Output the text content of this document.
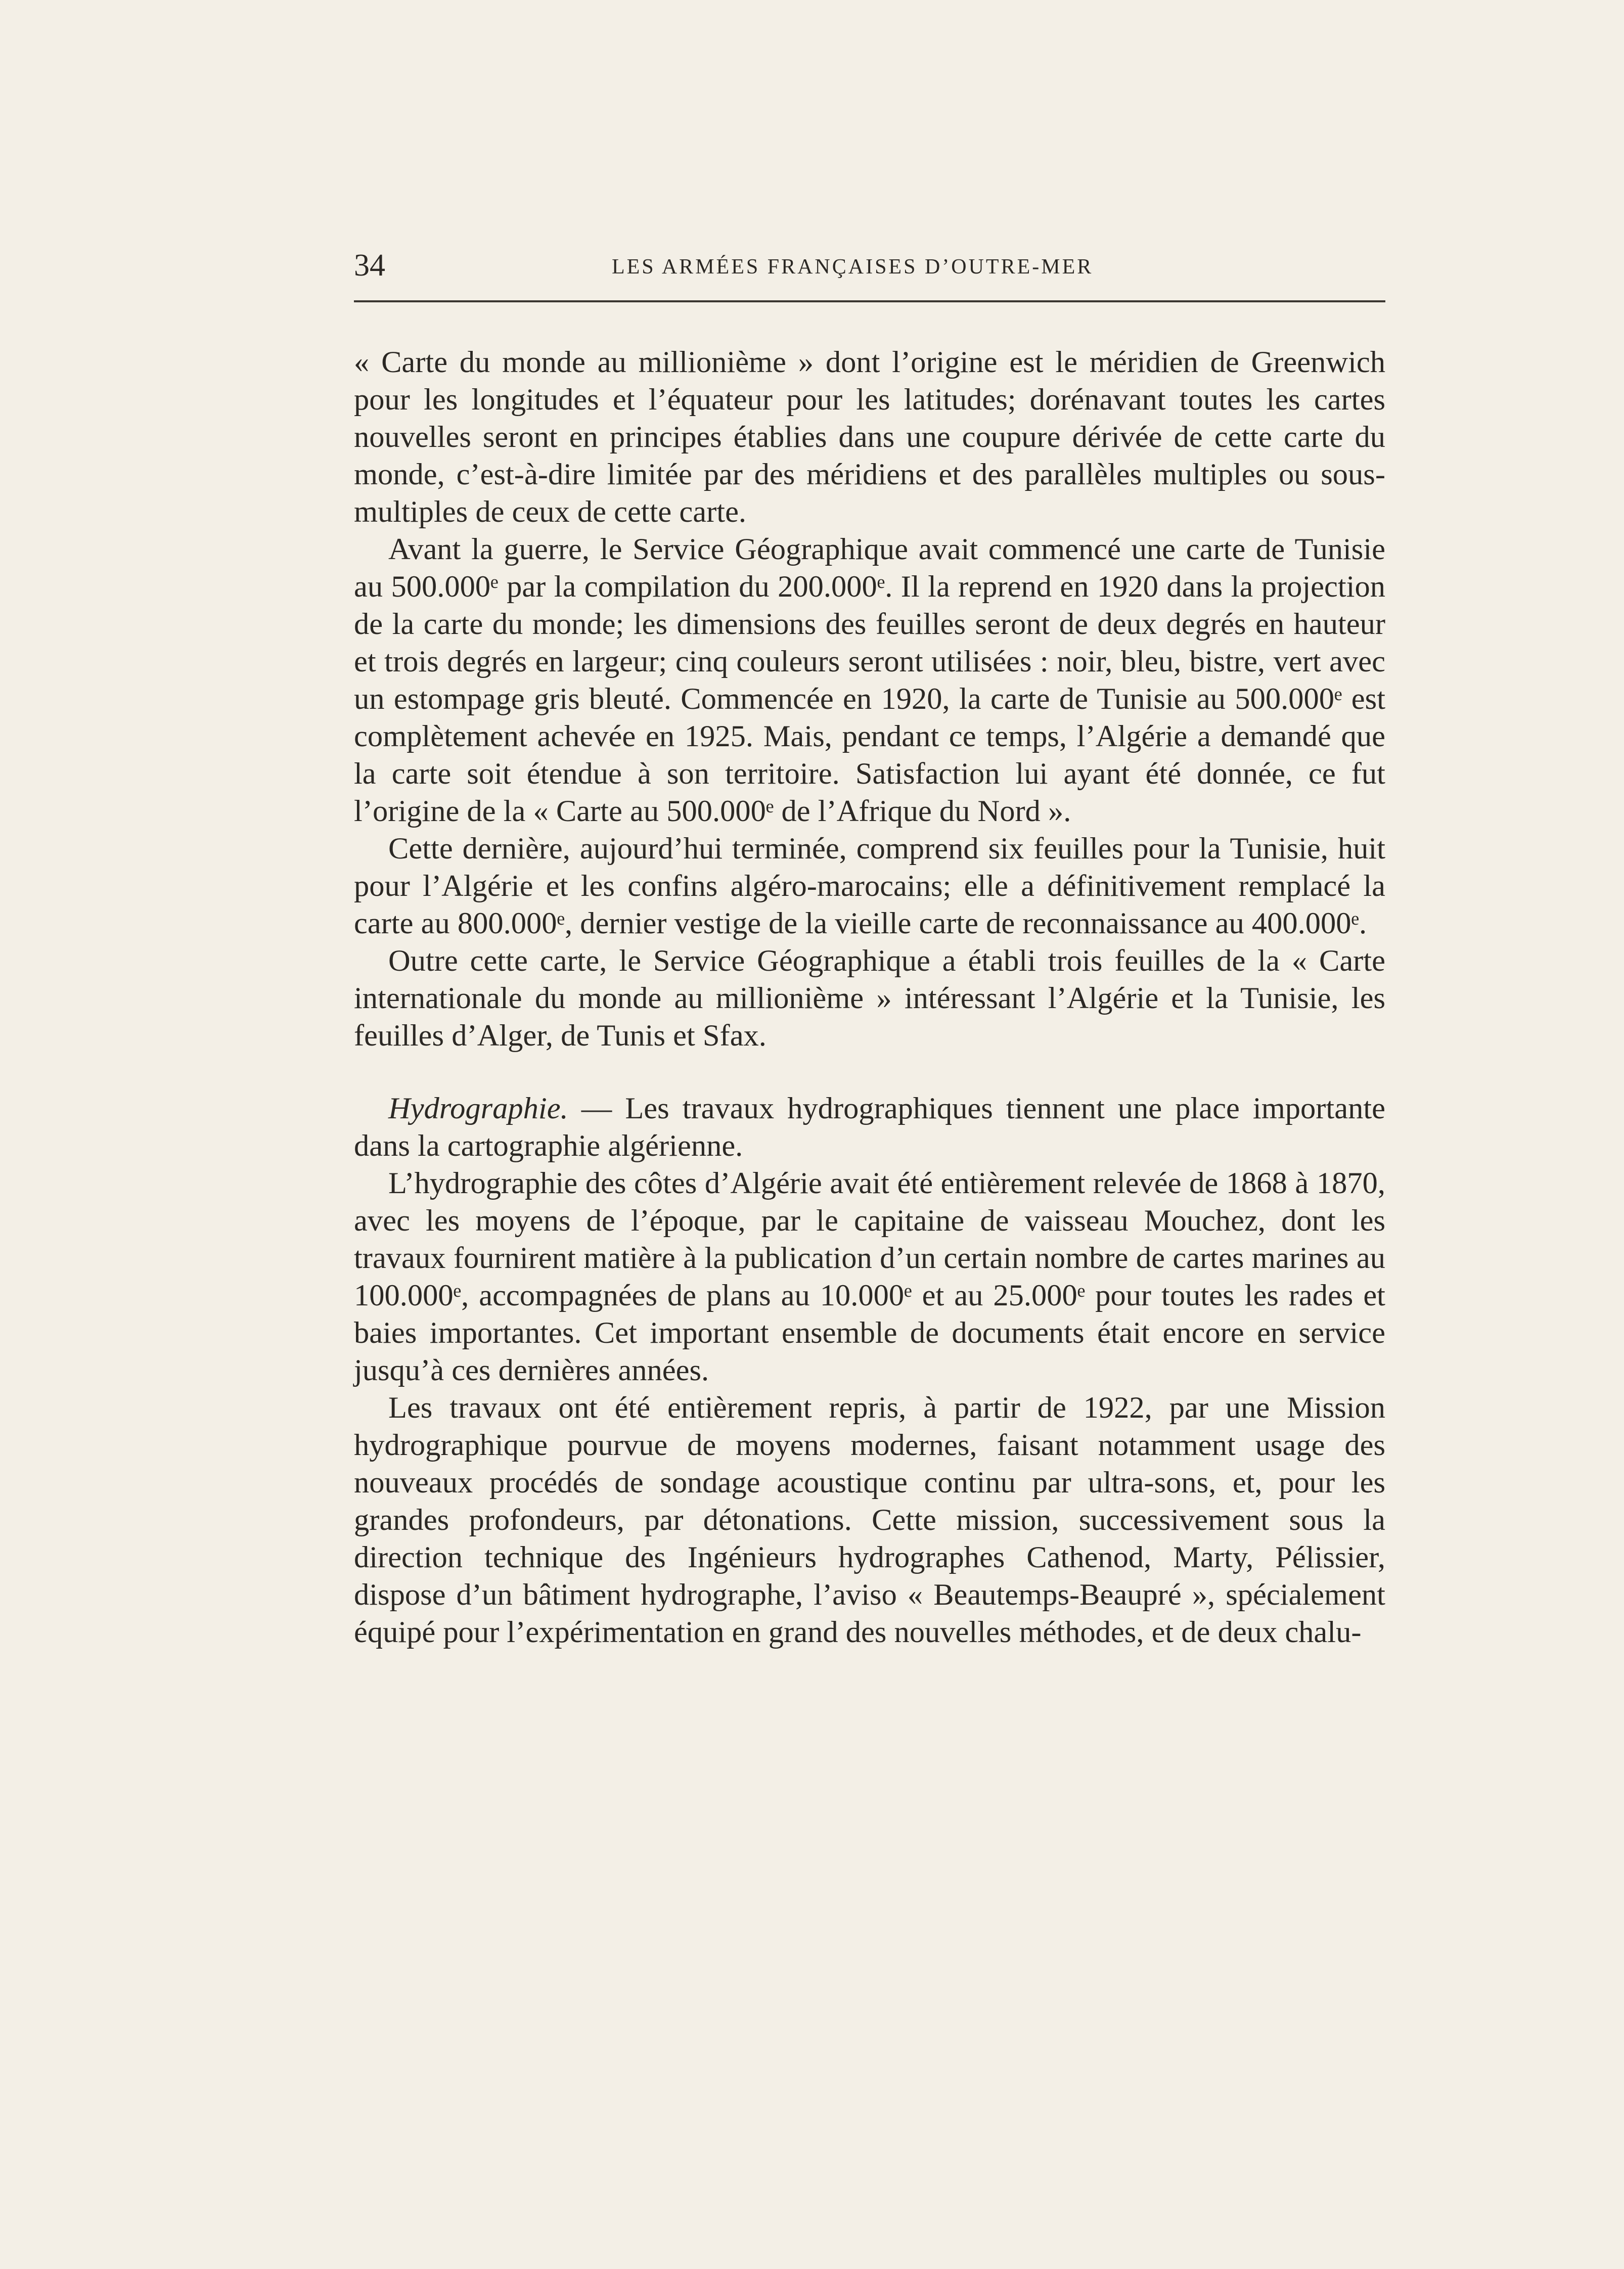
34	LES ARMÉES FRANÇAISES D’OUTRE-MER

« Carte du monde au millionième » dont l’origine est le méridien de Greenwich pour les longitudes et l’équateur pour les latitudes; dorénavant toutes les cartes nouvelles seront en principes établies dans une coupure dérivée de cette carte du monde, c’est-à-dire limitée par des méridiens et des parallèles multiples ou sous-multiples de ceux de cette carte.

Avant la guerre, le Service Géographique avait commencé une carte de Tunisie au 500.000ᵉ par la compilation du 200.000ᵉ. Il la reprend en 1920 dans la projection de la carte du monde; les dimensions des feuilles seront de deux degrés en hauteur et trois degrés en largeur; cinq couleurs seront utilisées : noir, bleu, bistre, vert avec un estompage gris bleuté. Commencée en 1920, la carte de Tunisie au 500.000ᵉ est complètement achevée en 1925. Mais, pendant ce temps, l’Algérie a demandé que la carte soit étendue à son territoire. Satisfaction lui ayant été donnée, ce fut l’origine de la « Carte au 500.000ᵉ de l’Afrique du Nord ».

Cette dernière, aujourd’hui terminée, comprend six feuilles pour la Tunisie, huit pour l’Algérie et les confins algéro-marocains; elle a définitivement remplacé la carte au 800.000ᵉ, dernier vestige de la vieille carte de reconnaissance au 400.000ᵉ.

Outre cette carte, le Service Géographique a établi trois feuilles de la « Carte internationale du monde au millionième » intéressant l’Algérie et la Tunisie, les feuilles d’Alger, de Tunis et Sfax.

Hydrographie. — Les travaux hydrographiques tiennent une place importante dans la cartographie algérienne.

L’hydrographie des côtes d’Algérie avait été entièrement relevée de 1868 à 1870, avec les moyens de l’époque, par le capitaine de vaisseau Mouchez, dont les travaux fournirent matière à la publication d’un certain nombre de cartes marines au 100.000ᵉ, accompagnées de plans au 10.000ᵉ et au 25.000ᵉ pour toutes les rades et baies importantes. Cet important ensemble de documents était encore en service jusqu’à ces dernières années.

Les travaux ont été entièrement repris, à partir de 1922, par une Mission hydrographique pourvue de moyens modernes, faisant notamment usage des nouveaux procédés de sondage acoustique continu par ultra-sons, et, pour les grandes profondeurs, par détonations. Cette mission, successivement sous la direction technique des Ingénieurs hydrographes Cathenod, Marty, Pélissier, dispose d’un bâtiment hydrographe, l’aviso « Beautemps-Beaupré », spécialement équipé pour l’expérimentation en grand des nouvelles méthodes, et de deux chalu-
